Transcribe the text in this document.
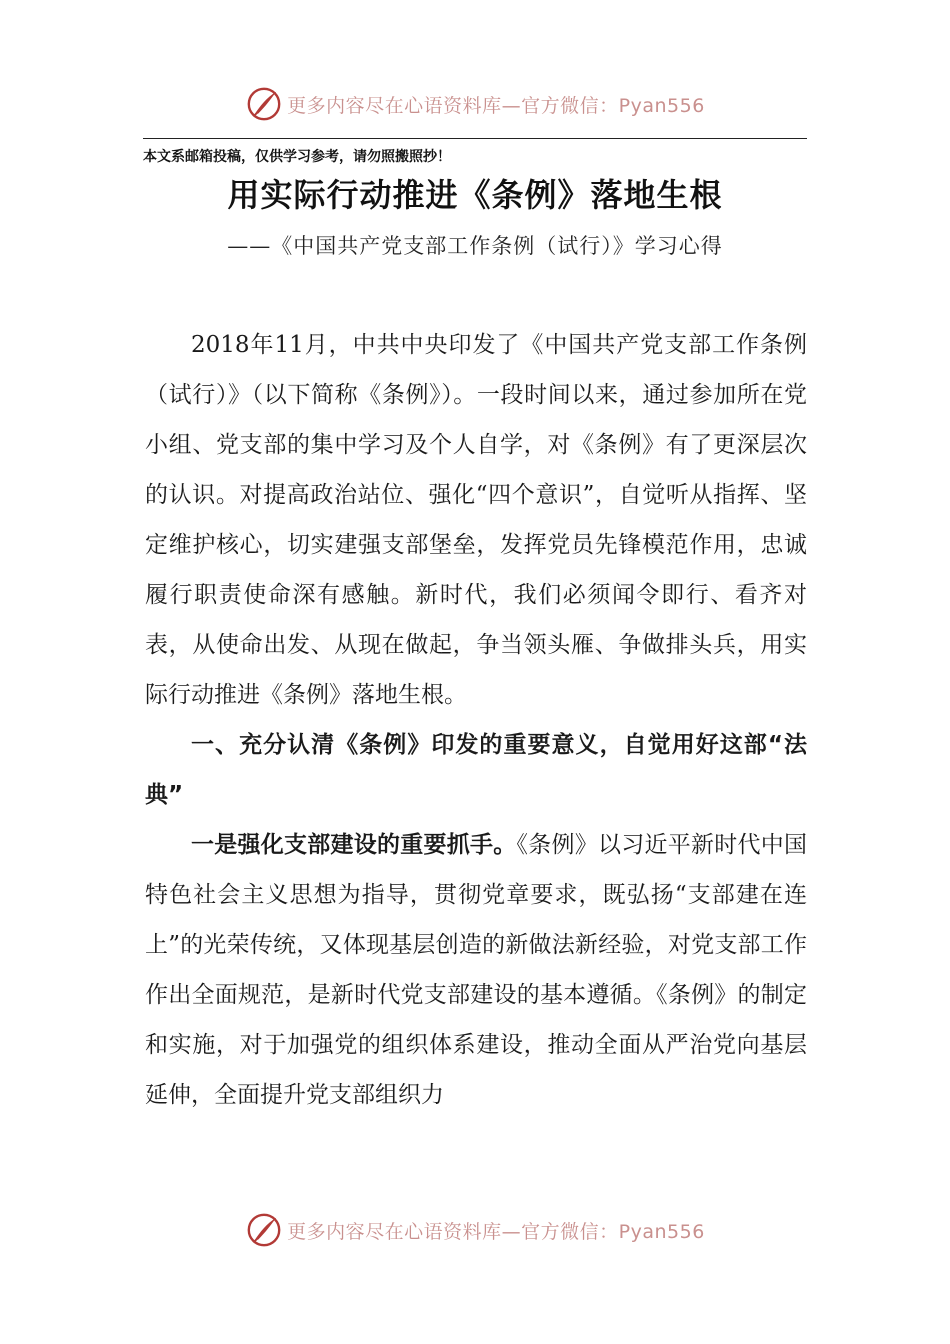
更多内容尽在心语资料库—官方微信：Pyan556
本文系邮箱投稿，仅供学习参考，请勿照搬照抄！
用实际行动推进《条例》落地生根
——《中国共产党支部工作条例（试行）》学习心得

2018年11月，中共中央印发了《中国共产党支部工作条例（试行）》（以下简称《条例》）。一段时间以来，通过参加所在党小组、党支部的集中学习及个人自学，对《条例》有了更深层次的认识。对提高政治站位、强化“四个意识”，自觉听从指挥、坚定维护核心，切实建强支部堡垒，发挥党员先锋模范作用，忠诚履行职责使命深有感触。新时代，我们必须闻令即行、看齐对表，从使命出发、从现在做起，争当领头雁、争做排头兵，用实际行动推进《条例》落地生根。

一、充分认清《条例》印发的重要意义，自觉用好这部“法典”

一是强化支部建设的重要抓手。《条例》以习近平新时代中国特色社会主义思想为指导，贯彻党章要求，既弘扬“支部建在连上”的光荣传统，又体现基层创造的新做法新经验，对党支部工作作出全面规范，是新时代党支部建设的基本遵循。《条例》的制定和实施，对于加强党的组织体系建设，推动全面从严治党向基层延伸，全面提升党支部组织力

更多内容尽在心语资料库—官方微信：Pyan556
